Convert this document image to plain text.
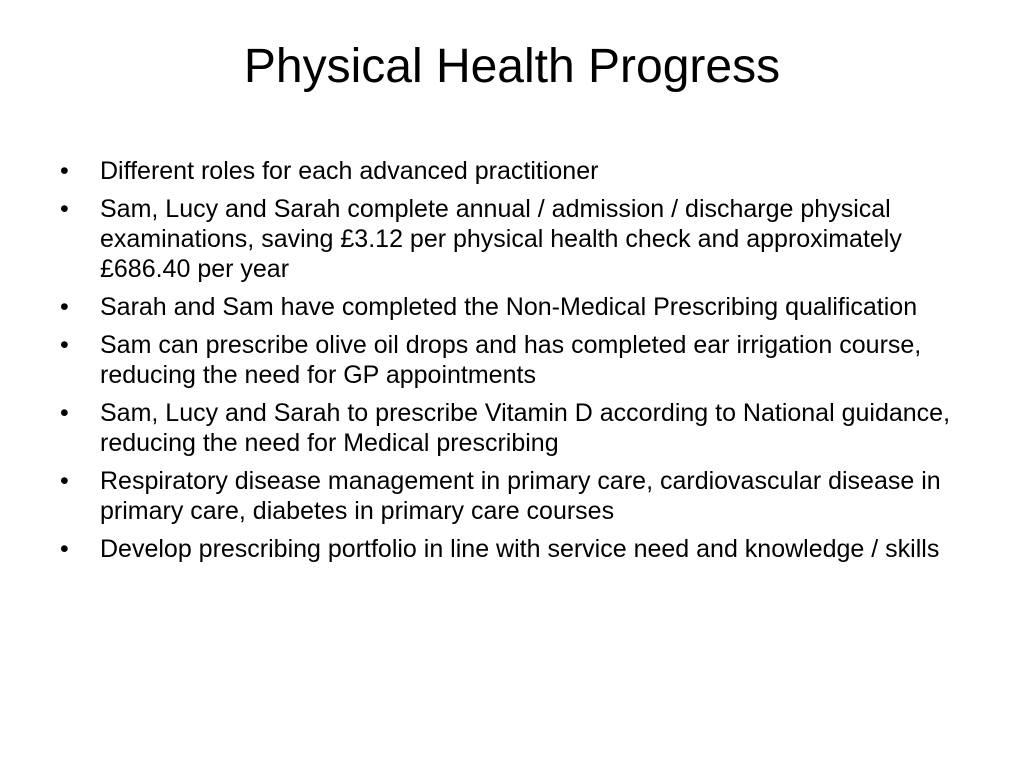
Physical Health Progress
•
Different roles for each advanced practitioner
•
Sam, Lucy and Sarah complete annual / admission / discharge physical examinations, saving £3.12 per physical health check and approximately £686.40 per year
•
Sarah and Sam have completed the Non-Medical Prescribing qualification
•
Sam can prescribe olive oil drops and has completed ear irrigation course, reducing the need for GP appointments
•
Sam, Lucy and Sarah to prescribe Vitamin D according to National guidance, reducing the need for Medical prescribing
•
Respiratory disease management in primary care, cardiovascular disease in primary care, diabetes in primary care courses
•
Develop prescribing portfolio in line with service need and knowledge / skills
